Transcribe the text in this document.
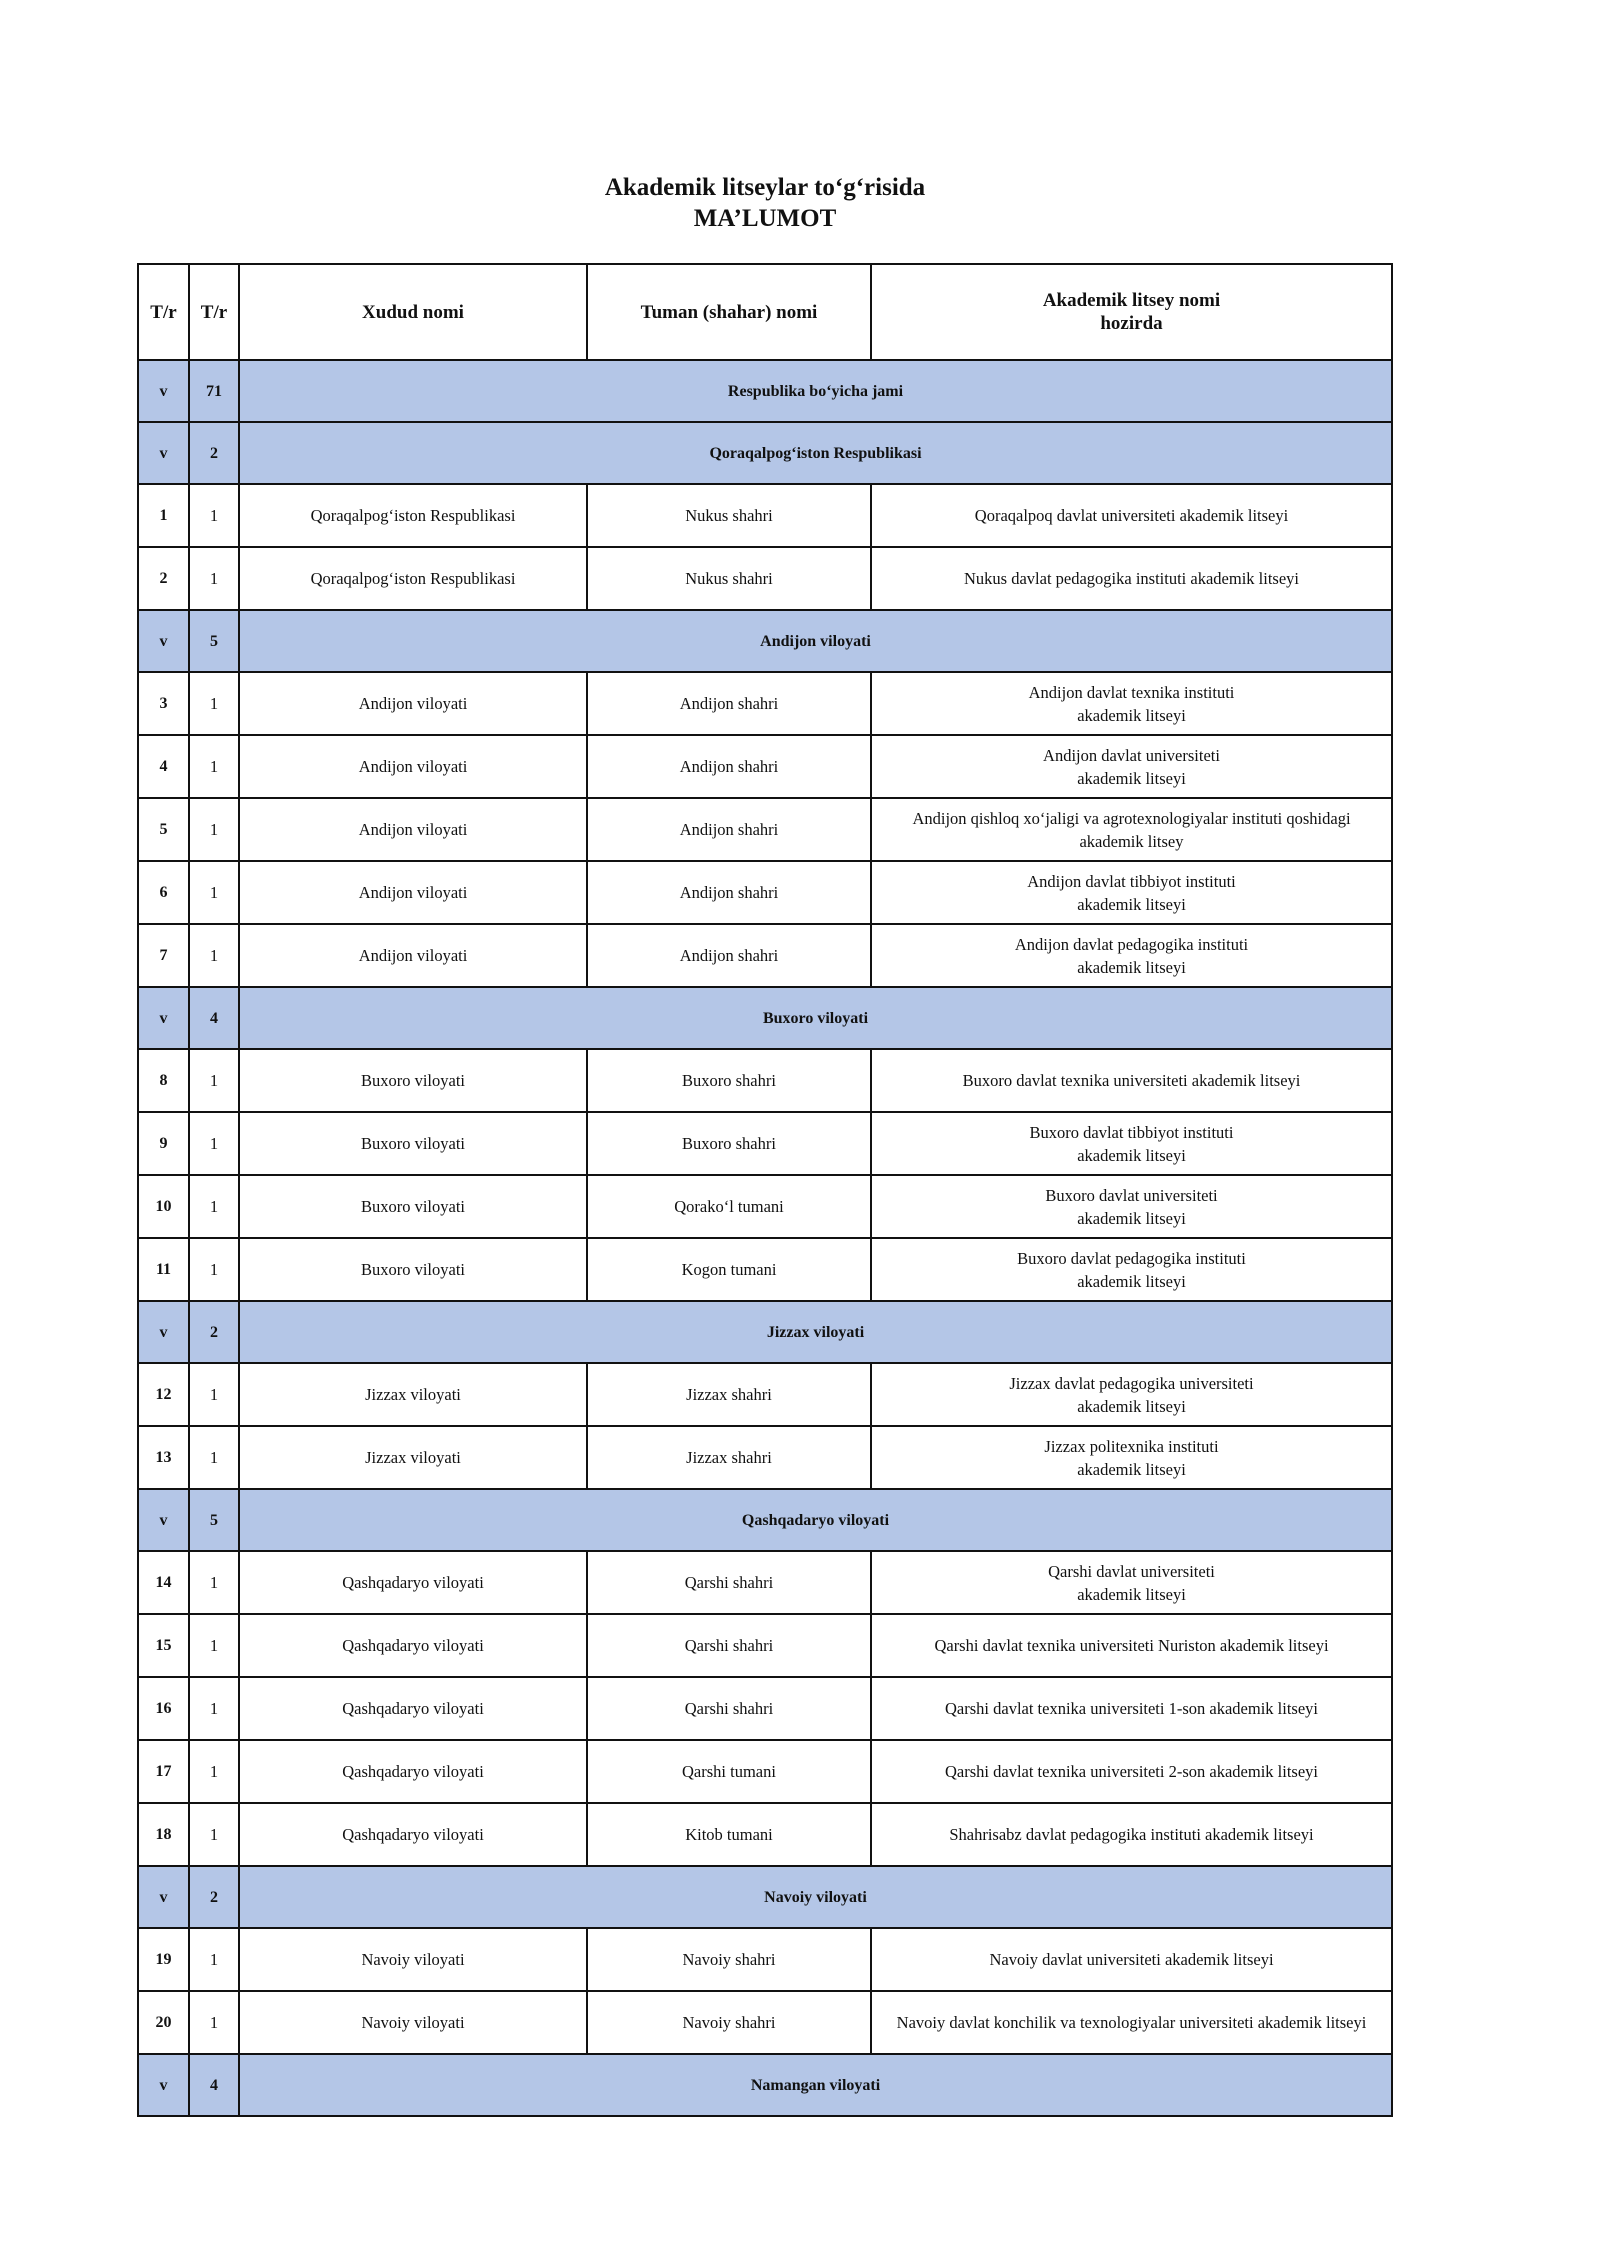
Akademik litseylar to‘g‘risida
MA’LUMOT
T/r	T/r	Xudud nomi	Tuman (shahar) nomi	Akademik litsey nomi
hozirda

v	71	Respublika bo‘yicha jami		
v	2	Qoraqalpog‘iston Respublikasi		
1	1	Qoraqalpog‘iston Respublikasi	Nukus shahri	Qoraqalpoq davlat universiteti akademik litseyi

2	1	Qoraqalpog‘iston Respublikasi	Nukus shahri	Nukus davlat pedagogika instituti akademik litseyi

v	5	Andijon viloyati		
3	1	Andijon viloyati	Andijon shahri	Andijon davlat texnika instituti
akademik litseyi

4	1	Andijon viloyati	Andijon shahri	Andijon davlat universiteti
akademik litseyi

5	1	Andijon viloyati	Andijon shahri	Andijon qishloq xo‘jaligi va agrotexnologiyalar instituti qoshidagi
akademik litsey

6	1	Andijon viloyati	Andijon shahri	Andijon davlat tibbiyot instituti
akademik litseyi

7	1	Andijon viloyati	Andijon shahri	Andijon davlat pedagogika instituti
akademik litseyi

v	4	Buxoro viloyati		
8	1	Buxoro viloyati	Buxoro shahri	Buxoro davlat texnika universiteti akademik litseyi

9	1	Buxoro viloyati	Buxoro shahri	Buxoro davlat tibbiyot instituti
akademik litseyi

10	1	Buxoro viloyati	Qorako‘l tumani	Buxoro davlat universiteti
akademik litseyi

11	1	Buxoro viloyati	Kogon tumani	Buxoro davlat pedagogika instituti
akademik litseyi

v	2	Jizzax viloyati		
12	1	Jizzax viloyati	Jizzax shahri	Jizzax davlat pedagogika universiteti
akademik litseyi

13	1	Jizzax viloyati	Jizzax shahri	Jizzax politexnika instituti
akademik litseyi

v	5	Qashqadaryo viloyati		
14	1	Qashqadaryo viloyati	Qarshi shahri	Qarshi davlat universiteti
akademik litseyi

15	1	Qashqadaryo viloyati	Qarshi shahri	Qarshi davlat texnika universiteti Nuriston akademik litseyi

16	1	Qashqadaryo viloyati	Qarshi shahri	Qarshi davlat texnika universiteti 1-son akademik litseyi

17	1	Qashqadaryo viloyati	Qarshi tumani	Qarshi davlat texnika universiteti 2-son akademik litseyi

18	1	Qashqadaryo viloyati	Kitob tumani	Shahrisabz davlat pedagogika instituti akademik litseyi

v	2	Navoiy viloyati		
19	1	Navoiy viloyati	Navoiy shahri	Navoiy davlat universiteti akademik litseyi

20	1	Navoiy viloyati	Navoiy shahri	Navoiy davlat konchilik va texnologiyalar universiteti akademik litseyi

v	4	Namangan viloyati		
